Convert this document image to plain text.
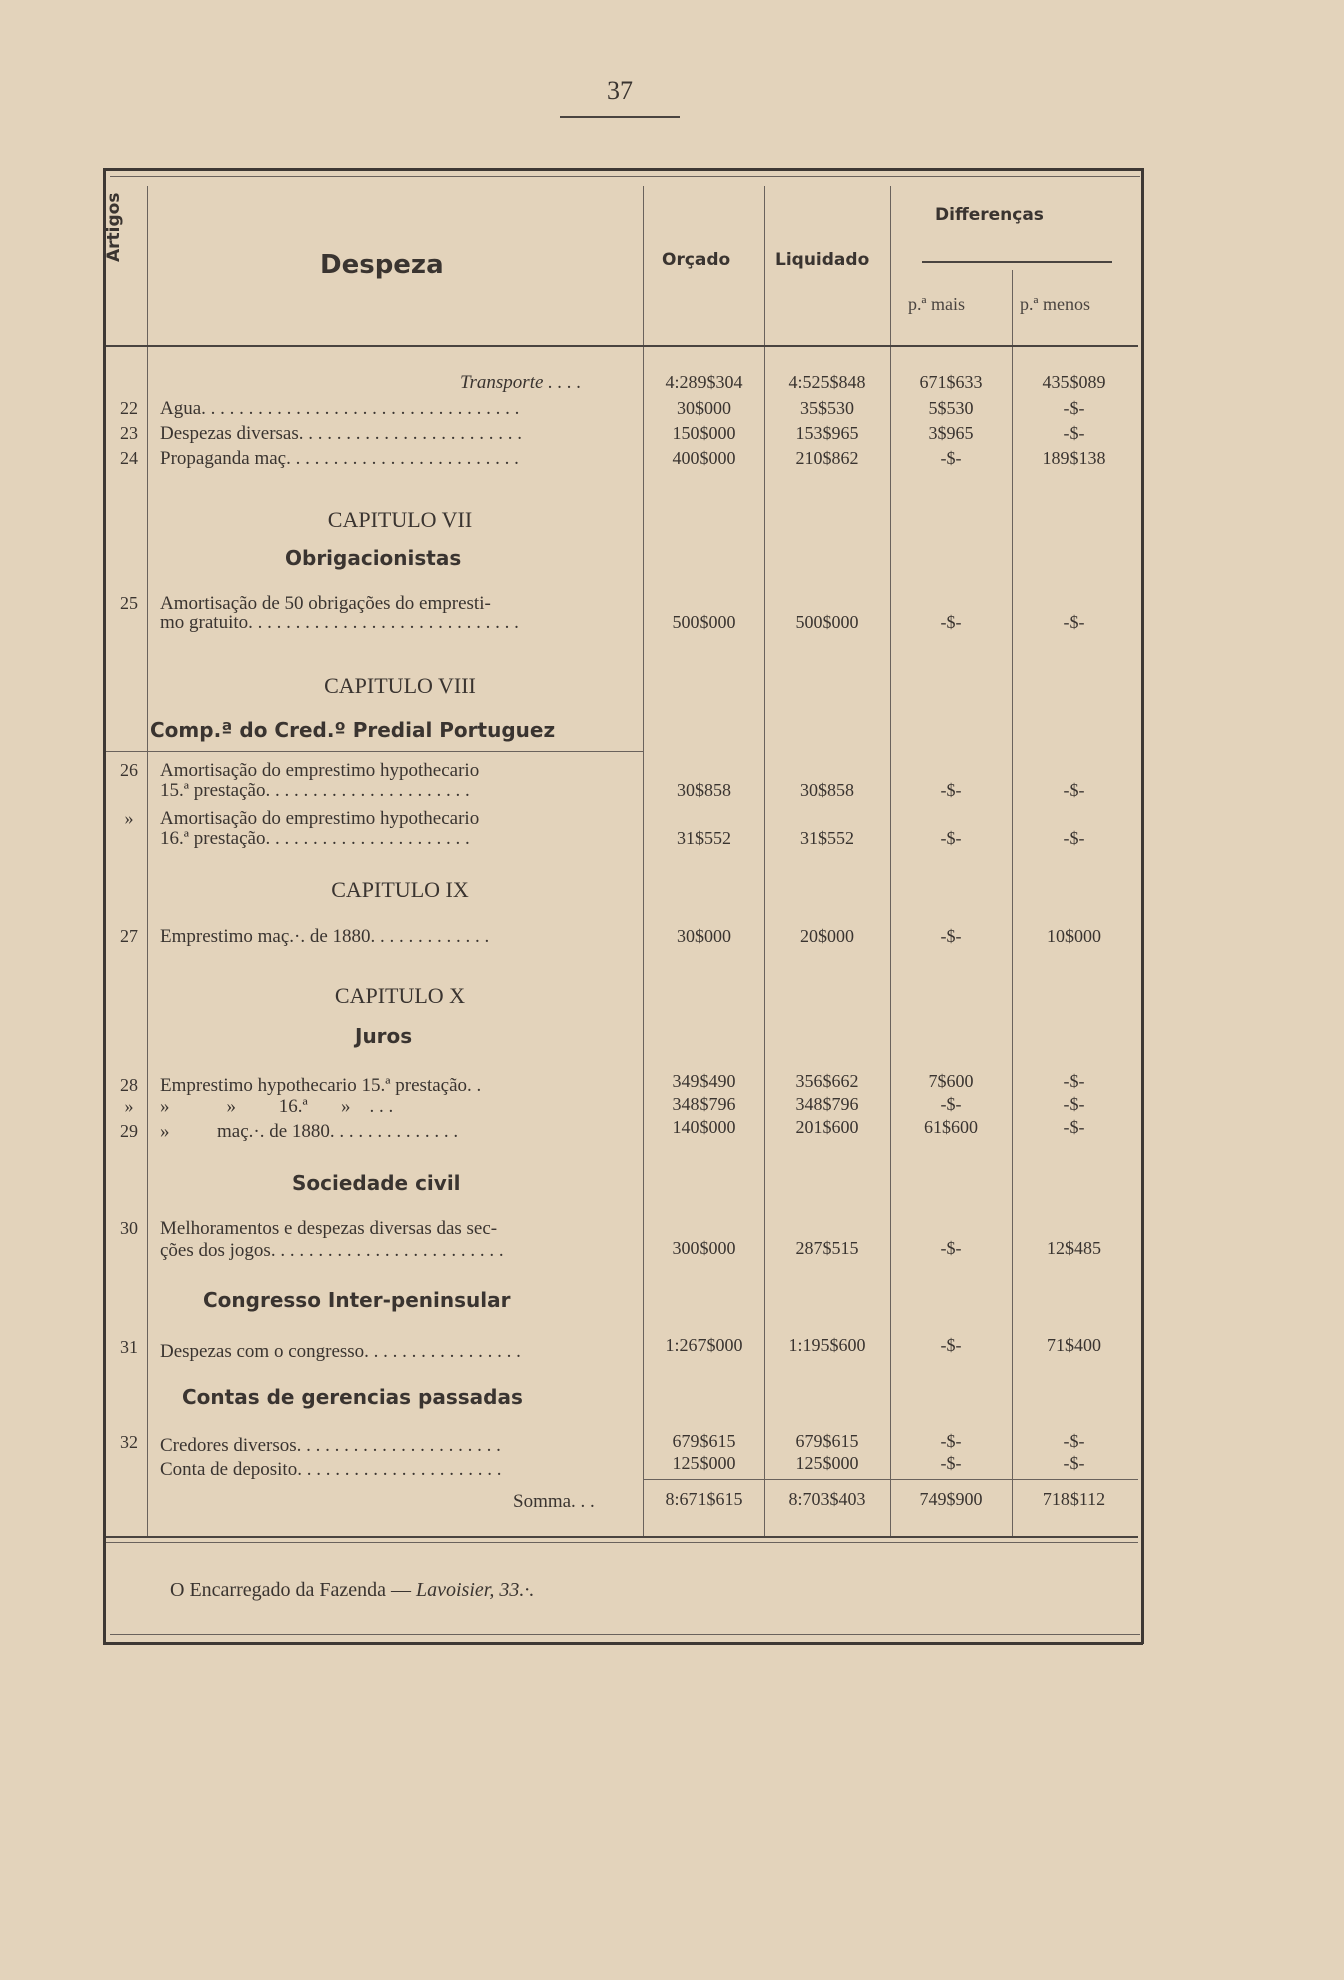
37
Artigos
Despeza	Orçado	Liquidado
Differenças
p.ª mais	p.ª menos
Transporte . . . .	4:289$304	4:525$848	671$633	435$089
22	Agua. . . . . . . . . . . . . . . . . . . . . . . . . . . . . . . . . .	30$000	35$530	5$530	-$-
23	Despezas diversas. . . . . . . . . . . . . . . . . . . . . . . .	150$000	153$965	3$965	-$-
24	Propaganda maç. . . . . . . . . . . . . . . . . . . . . . . . .	400$000	210$862	-$-	189$138
CAPITULO VII
Obrigacionistas
25	Amortisação de 50 obrigações do empresti-
mo gratuito. . . . . . . . . . . . . . . . . . . . . . . . . . . . .	500$000	500$000	-$-	-$-
CAPITULO VIII
Comp.ª do Cred.º Predial Portuguez
26	Amortisação do emprestimo hypothecario
15.ª prestação. . . . . . . . . . . . . . . . . . . . . .	30$858	30$858	-$-	-$-
»	Amortisação do emprestimo hypothecario
16.ª prestação. . . . . . . . . . . . . . . . . . . . . .	31$552	31$552	-$-	-$-
CAPITULO IX
27	Emprestimo maç.·. de 1880. . . . . . . . . . . . .	30$000	20$000	-$-	10$000
CAPITULO X
Juros
28	Emprestimo hypothecario 15.ª prestação. .	349$490	356$662	7$600	-$-
»	»            »         16.ª       »    . . .	348$796	348$796	-$-	-$-
29	»          maç.·. de 1880. . . . . . . . . . . . . .	140$000	201$600	61$600	-$-
Sociedade civil
30	Melhoramentos e despezas diversas das sec-
ções dos jogos. . . . . . . . . . . . . . . . . . . . . . . . .	300$000	287$515	-$-	12$485
Congresso Inter-peninsular
31	Despezas com o congresso. . . . . . . . . . . . . . . . .	1:267$000	1:195$600	-$-	71$400
Contas de gerencias passadas
32	Credores diversos. . . . . . . . . . . . . . . . . . . . . .	679$615	679$615	-$-	-$-
Conta de deposito. . . . . . . . . . . . . . . . . . . . . .	125$000	125$000	-$-	-$-
Somma. . .	8:671$615	8:703$403	749$900	718$112
O Encarregado da Fazenda — Lavoisier, 33.·.
